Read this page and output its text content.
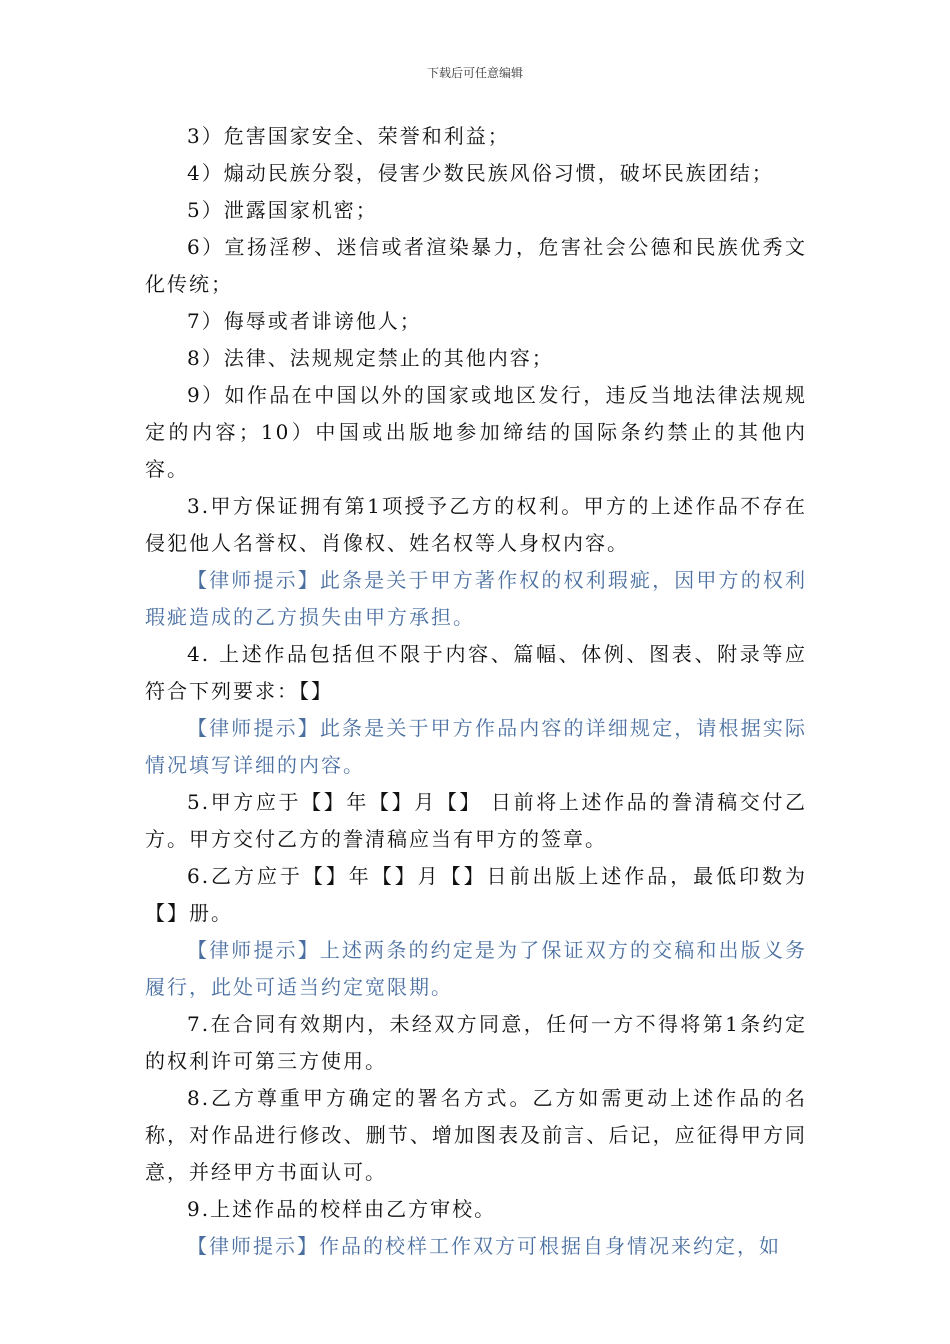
下载后可任意编辑

3）危害国家安全、荣誉和利益；

4）煽动民族分裂，侵害少数民族风俗习惯，破坏民族团结；

5）泄露国家机密；

6）宣扬淫秽、迷信或者渲染暴力，危害社会公德和民族优秀文化传统；

7）侮辱或者诽谤他人；

8）法律、法规规定禁止的其他内容；

9）如作品在中国以外的国家或地区发行，违反当地法律法规规定的内容；10）中国或出版地参加缔结的国际条约禁止的其他内容。

3.甲方保证拥有第1项授予乙方的权利。甲方的上述作品不存在侵犯他人名誉权、肖像权、姓名权等人身权内容。

【律师提示】此条是关于甲方著作权的权利瑕疵，因甲方的权利瑕疵造成的乙方损失由甲方承担。

4. 上述作品包括但不限于内容、篇幅、体例、图表、附录等应符合下列要求：【】

【律师提示】此条是关于甲方作品内容的详细规定，请根据实际情况填写详细的内容。

5.甲方应于【】年【】月【】 日前将上述作品的誊清稿交付乙方。甲方交付乙方的誊清稿应当有甲方的签章。

6.乙方应于【】年【】月【】日前出版上述作品，最低印数为【】册。

【律师提示】上述两条的约定是为了保证双方的交稿和出版义务履行，此处可适当约定宽限期。

7.在合同有效期内，未经双方同意，任何一方不得将第1条约定的权利许可第三方使用。

8.乙方尊重甲方确定的署名方式。乙方如需更动上述作品的名称，对作品进行修改、删节、增加图表及前言、后记，应征得甲方同意，并经甲方书面认可。

9.上述作品的校样由乙方审校。

【律师提示】作品的校样工作双方可根据自身情况来约定，如
